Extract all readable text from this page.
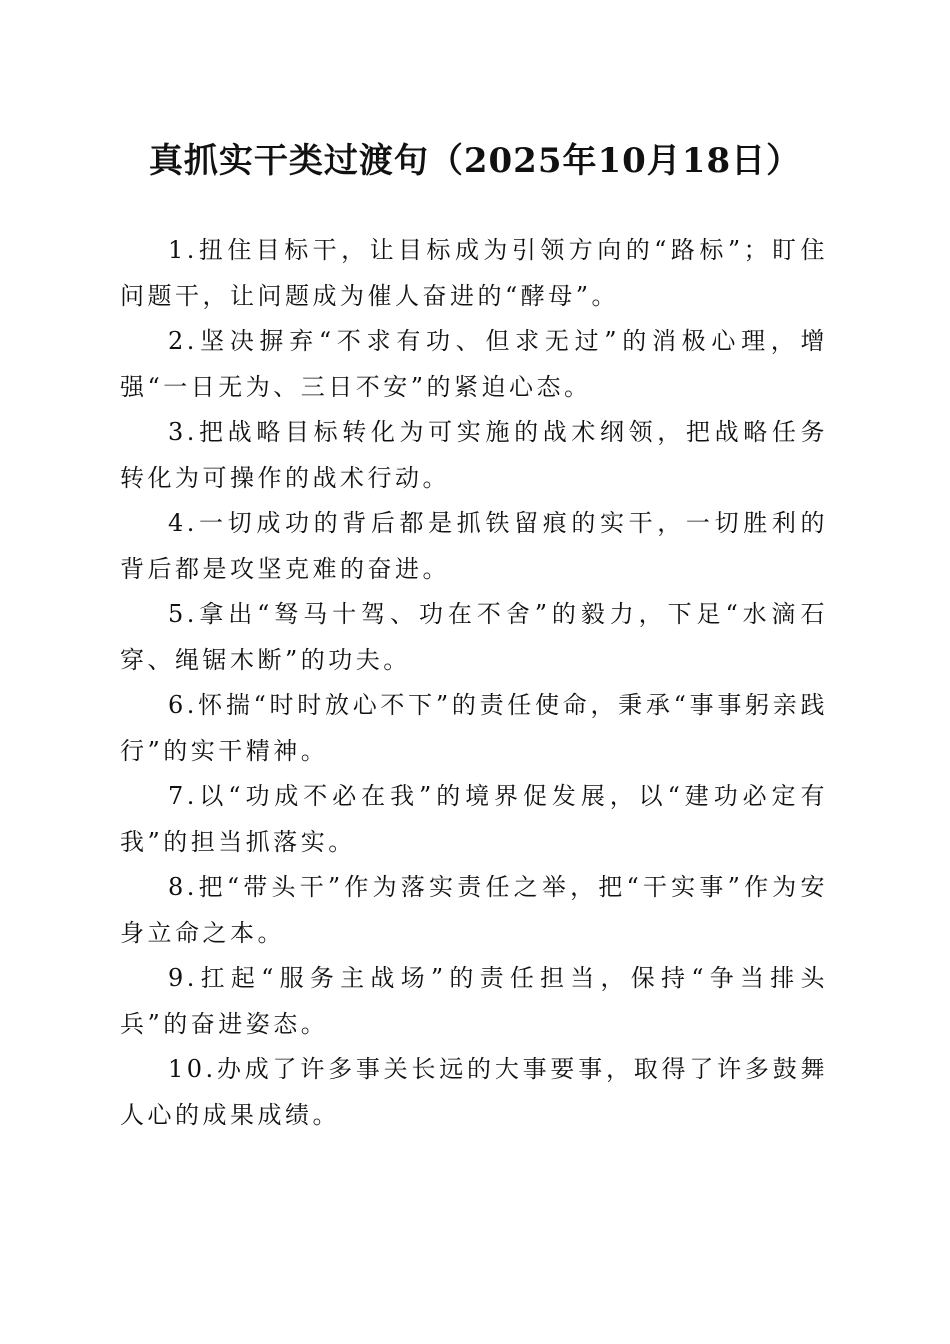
真抓实干类过渡句（2025年10月18日）

1.扭住目标干，让目标成为引领方向的“路标”；盯住问题干，让问题成为催人奋进的“酵母”。

2.坚决摒弃“不求有功、但求无过”的消极心理，增强“一日无为、三日不安”的紧迫心态。

3.把战略目标转化为可实施的战术纲领，把战略任务转化为可操作的战术行动。

4.一切成功的背后都是抓铁留痕的实干，一切胜利的背后都是攻坚克难的奋进。

5.拿出“驽马十驾、功在不舍”的毅力，下足“水滴石穿、绳锯木断”的功夫。

6.怀揣“时时放心不下”的责任使命，秉承“事事躬亲践行”的实干精神。

7.以“功成不必在我”的境界促发展，以“建功必定有我”的担当抓落实。

8.把“带头干”作为落实责任之举，把“干实事”作为安身立命之本。

9.扛起“服务主战场”的责任担当，保持“争当排头兵”的奋进姿态。

10.办成了许多事关长远的大事要事，取得了许多鼓舞人心的成果成绩。
